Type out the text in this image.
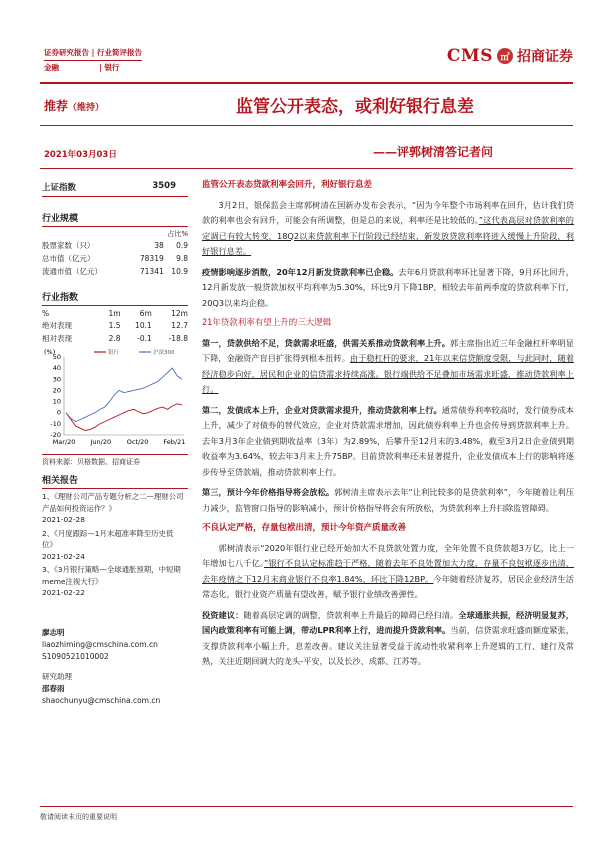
证券研究报告 | 行业简评报告
金融	| 银行
CMS ㎡ 招商证券
推荐（维持）	监管公开表态，或利好银行息差
2021年03月03日	——评郭树清答记者问
上证指数	3509
行业规模
占比%
股票家数（只）	38	0.9
总市值（亿元）	78319	9.8
流通市值（亿元）	71341	10.9
行业指数
%	1m	6m	12m
绝对表现	1.5	10.1	12.7
相对表现	2.8	-0.1	-18.8
(%)
50
40
30
20
10
0
-10
-20
Mar/20 Jun/20 Oct/20 Feb/21
银行	沪深300
资料来源：贝格数据、招商证券
相关报告
1、《理财公司产品专题分析之二—理财公司产品如何投资运作？》
2021-02-28
2、《月度跟踪—1月末超准率降至历史低位》
2021-02-24
3、《3月银行策略—全球通胀预期，中短期meme注视大行》
2021-02-22
廖志明
liaozhiming@cmschina.com.cn
S1090521010002
研究助理
邵春雨
shaochunyu@cmschina.com.cn
监管公开表态贷款利率会回升，利好银行息差

  3月2日，银保监会主席郭树清在国新办发布会表示，“因为今年整个市场利率在回升，估计我们贷款的利率也会有回升，可能会有所调整，但是总的来说，利率还是比较低的。”这代表高层对贷款利率的定调已有较大转变，18Q2以来贷款利率下行阶段已经结束，新发放贷款利率将进入缓慢上升阶段，利好银行息差。

疫情影响逐步消散，20年12月新发贷款利率已企稳。去年6月贷款利率环比显著下降，9月环比回升，12月新发放一般贷款加权平均利率为5.30%，环比9月下降1BP，相较去年前两季度的贷款利率下行，20Q3以来均企稳。

21年贷款利率有望上升的三大逻辑

第一，贷款供给不足，贷款需求旺盛，供需关系推动贷款利率上升。郭主席指出近三年金融杠杆率明显下降，金融资产盲目扩张得到根本扭转。由于稳杠杆的要求，21年以来信贷额度受限，与此同时，随着经济稳步向好，居民和企业的信贷需求持续高涨。银行端供给不足叠加市场需求旺盛，推动贷款利率上行。

第二，发债成本上升，企业对贷款需求提升，推动贷款利率上行。通常债券利率较高时，发行债券成本上升，减少了对债券的替代效应，企业对贷款需求增加，因此债券利率上升也会传导到贷款利率上升。去年3月3年企业债到期收益率（3年）为2.89%，后攀升至12月末的3.48%，截至3月2日企业债到期收益率为3.64%，较去年3月末上升75BP。目前贷款利率还未显著提升，企业发债成本上行的影响将逐步传导至贷款端，推动贷款利率上行。

第三，预计今年价格指导将会放松。郭树清主席表示去年“让利比较多的是贷款利率”，今年随着让利压力减少，监管窗口指导的影响减小，预计价格指导将会有所放松，为贷款利率上升扫除监管障碍。

不良认定严格，存量包袱出清，预计今年资产质量改善

  郭树清表示“2020年银行业已经开始加大不良贷款处置力度，全年处置不良贷款超3万亿，比上一年增加七八千亿。”银行不良认定标准趋于严格，随着去年不良处置加大力度，存量不良包袱逐步出清，去年疫情之下12月末商业银行不良率1.84%，环比下降12BP。今年随着经济复苏，居民企业经济生活常态化，银行业资产质量有望改善，赋予银行业绩改善弹性。

投资建议：随着高层定调的调整，贷款利率上升最后的障碍已经扫清。全球通胀共振，经济明显复苏，国内政策利率有可能上调，带动LPR利率上行，进而提升贷款利率。当前，信贷需求旺盛而额度紧张，支撑贷款利率小幅上升，息差改善。建议关注显著受益于流动性收紧利率上升逻辑的工行、建行及常熟，关注近期回调大的龙头-平安，以及长沙、成都、江苏等。

敬请阅读末页的重要说明
